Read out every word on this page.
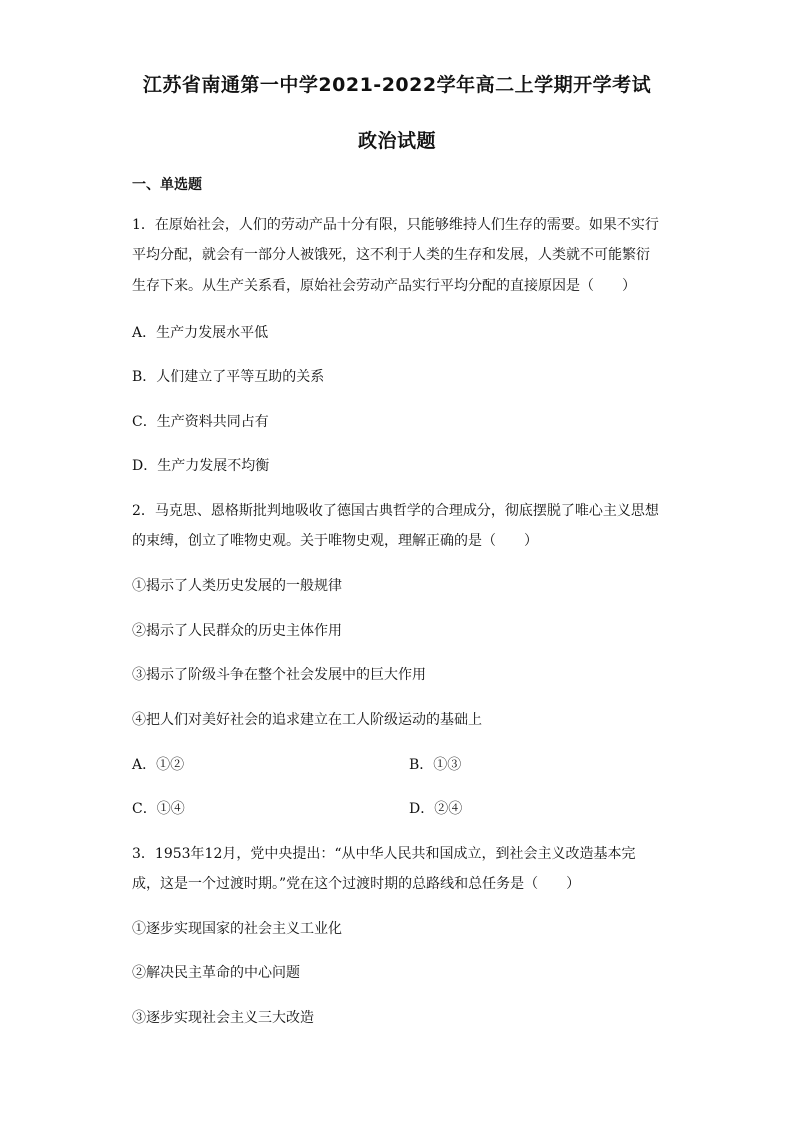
江苏省南通第一中学2021-2022学年高二上学期开学考试
政治试题
一、单选题
1．在原始社会，人们的劳动产品十分有限，只能够维持人们生存的需要。如果不实行
平均分配，就会有一部分人被饿死，这不利于人类的生存和发展，人类就不可能繁衍
生存下来。从生产关系看，原始社会劳动产品实行平均分配的直接原因是（　　）
A．生产力发展水平低
B．人们建立了平等互助的关系
C．生产资料共同占有
D．生产力发展不均衡
2．马克思、恩格斯批判地吸收了德国古典哲学的合理成分，彻底摆脱了唯心主义思想
的束缚，创立了唯物史观。关于唯物史观，理解正确的是（　　）
①揭示了人类历史发展的一般规律
②揭示了人民群众的历史主体作用
③揭示了阶级斗争在整个社会发展中的巨大作用
④把人们对美好社会的追求建立在工人阶级运动的基础上
A．①②	B．①③
C．①④	D．②④
3．1953年12月，党中央提出：“从中华人民共和国成立，到社会主义改造基本完
成，这是一个过渡时期。”党在这个过渡时期的总路线和总任务是（　　）
①逐步实现国家的社会主义工业化
②解决民主革命的中心问题
③逐步实现社会主义三大改造
